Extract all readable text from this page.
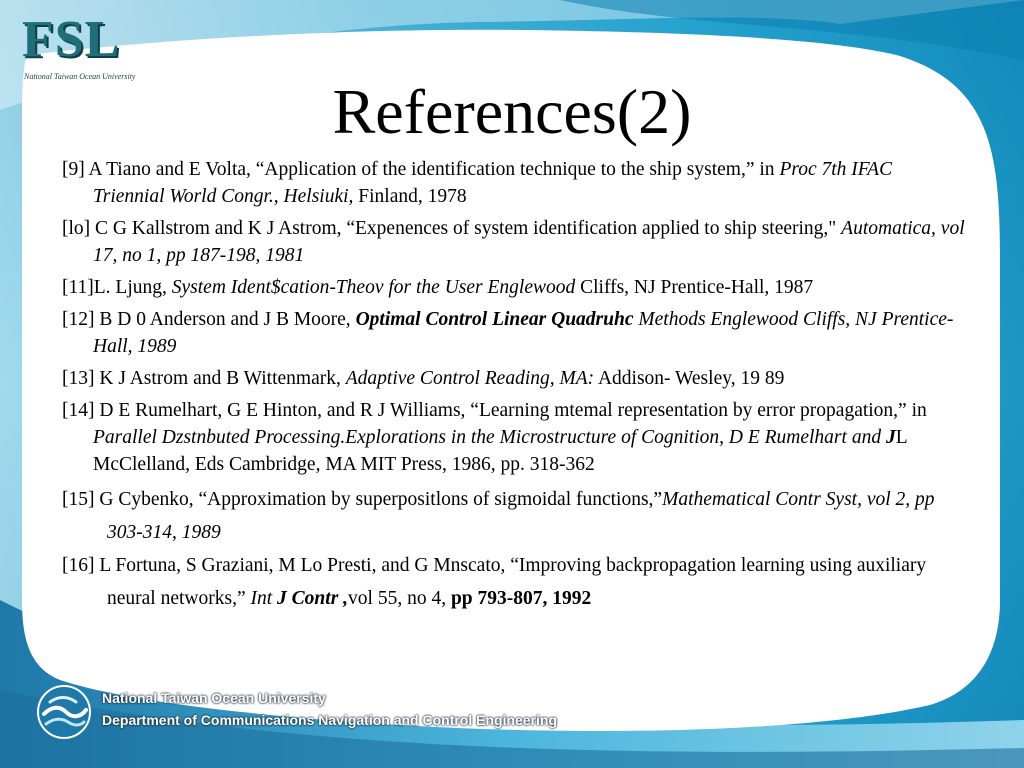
FSL
National Taiwan Ocean University	References(2)
[9] A Tiano and E Volta, “Application of the identification technique to the ship system,” in Proc 7th IFAC Triennial World Congr., Helsiuki, Finland, 1978
[lo] C G Kallstrom and K J Astrom, “Expenences of system identification applied to ship steering," Automatica, vol 17, no 1, pp 187-198, 1981
[11]L. Ljung, System Ident$cation-Theov for the User Englewood Cliffs, NJ Prentice-Hall, 1987
[12] B D 0 Anderson and J B Moore, Optimal Control Linear Quadruhc Methods Englewood Cliffs, NJ Prentice-Hall, 1989
[13] K J Astrom and B Wittenmark, Adaptive Control Reading, MA: Addison- Wesley, 19 89
[14] D E Rumelhart, G E Hinton, and R J Williams, “Learning mtemal representation by error propagation,” in Parallel Dzstnbuted Processing.Explorations in the Microstructure of Cognition, D E Rumelhart and JL McClelland, Eds Cambridge, MA MIT Press, 1986, pp. 318-362
[15] G Cybenko, “Approximation by superpositlons of sigmoidal functions,”Mathematical Contr Syst, vol 2, pp 303-314, 1989
[16] L Fortuna, S Graziani, M Lo Presti, and G Mnscato, “Improving backpropagation learning using auxiliary neural networks,” Int J Contr ,vol 55, no 4, pp 793-807, 1992
National Taiwan Ocean University
Department of Communications Navigation and Control Engineering
